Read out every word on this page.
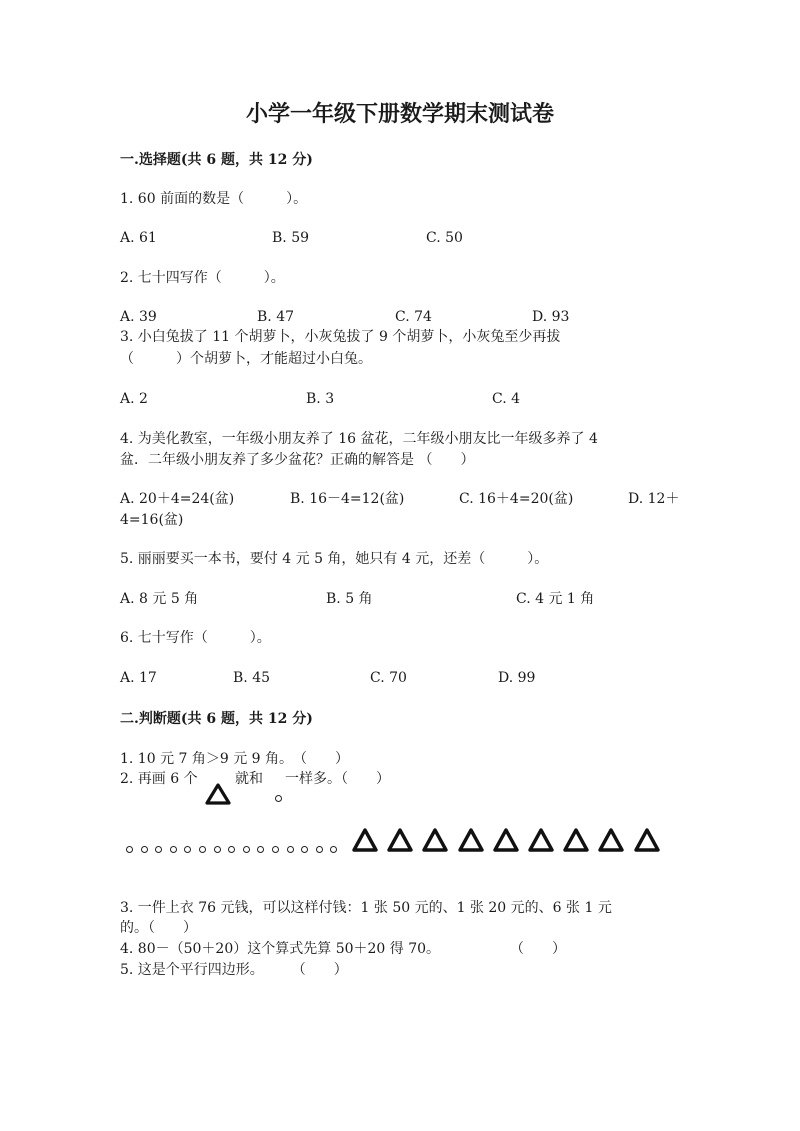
小学一年级下册数学期末测试卷
一.选择题(共 6 题，共 12 分)
1. 60 前面的数是（　　　）。
A. 61	B. 59	C. 50
2. 七十四写作（　　　）。
A. 39	B. 47	C. 74	D. 93
3. 小白兔拔了 11 个胡萝卜，小灰兔拔了 9 个胡萝卜，小灰兔至少再拔
（　　　）个胡萝卜，才能超过小白兔。
A. 2	B. 3	C. 4
4. 为美化教室，一年级小朋友养了 16 盆花，二年级小朋友比一年级多养了 4
盆．二年级小朋友养了多少盆花？正确的解答是 （　　）
A. 20＋4=24(盆)	B. 16－4=12(盆)	C. 16＋4=20(盆)	D. 12＋
4=16(盆)
5. 丽丽要买一本书，要付 4 元 5 角，她只有 4 元，还差（　　　）。
A. 8 元 5 角	B. 5 角	C. 4 元 1 角
6. 七十写作（　　　）。
A. 17	B. 45	C. 70	D. 99
二.判断题(共 6 题，共 12 分)
1. 10 元 7 角＞9 元 9 角。　（　　）
2. 再画 6 个	就和 一样多。（　　）
3. 一件上衣 76 元钱，可以这样付钱：1 张 50 元的、1 张 20 元的、6 张 1 元
的。（　　）
4. 80－（50＋20）这个算式先算 50＋20 得 70。　　　　　　（　　）
5. 这是个平行四边形。　　　（　　）
